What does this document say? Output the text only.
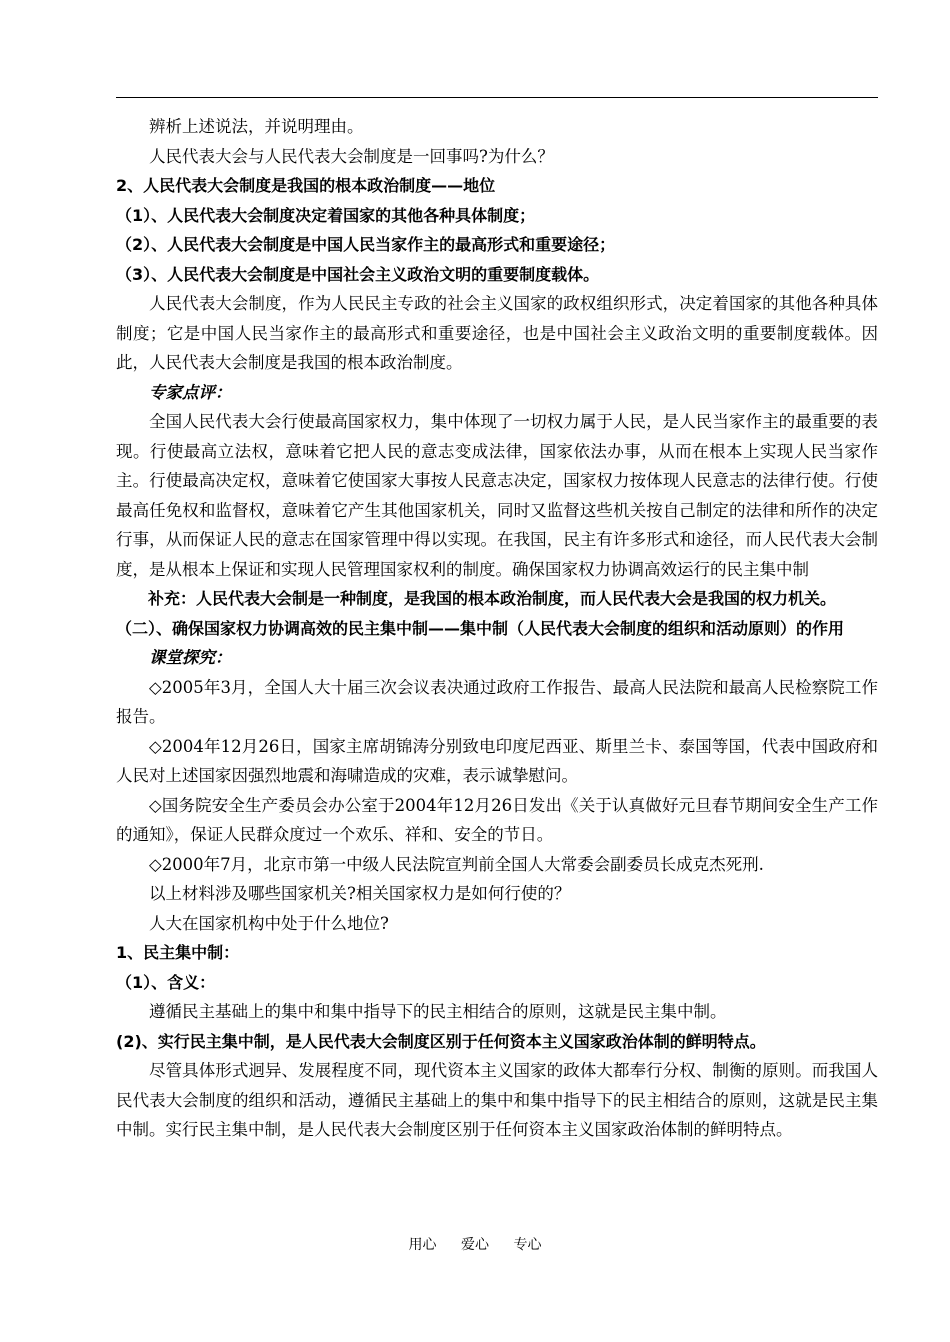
辨析上述说法，并说明理由。

人民代表大会与人民代表大会制度是一回事吗?为什么？

2、人民代表大会制度是我国的根本政治制度——地位

（1）、人民代表大会制度决定着国家的其他各种具体制度；

（2）、人民代表大会制度是中国人民当家作主的最高形式和重要途径；

（3）、人民代表大会制度是中国社会主义政治文明的重要制度载体。

人民代表大会制度，作为人民民主专政的社会主义国家的政权组织形式，决定着国家的其他各种具体制度；它是中国人民当家作主的最高形式和重要途径，也是中国社会主义政治文明的重要制度载体。因此，人民代表大会制度是我国的根本政治制度。

专家点评：

全国人民代表大会行使最高国家权力，集中体现了一切权力属于人民，是人民当家作主的最重要的表现。行使最高立法权，意味着它把人民的意志变成法律，国家依法办事，从而在根本上实现人民当家作主。行使最高决定权，意味着它使国家大事按人民意志决定，国家权力按体现人民意志的法律行使。行使最高任免权和监督权，意味着它产生其他国家机关，同时又监督这些机关按自己制定的法律和所作的决定行事，从而保证人民的意志在国家管理中得以实现。在我国，民主有许多形式和途径，而人民代表大会制度，是从根本上保证和实现人民管理国家权利的制度。确保国家权力协调高效运行的民主集中制

补充：人民代表大会制是一种制度，是我国的根本政治制度，而人民代表大会是我国的权力机关。

（二）、确保国家权力协调高效的民主集中制——集中制（人民代表大会制度的组织和活动原则）的作用

课堂探究：

◇2005年3月，全国人大十届三次会议表决通过政府工作报告、最高人民法院和最高人民检察院工作报告。

◇2004年12月26日，国家主席胡锦涛分别致电印度尼西亚、斯里兰卡、泰国等国，代表中国政府和人民对上述国家因强烈地震和海啸造成的灾难，表示诚挚慰问。

◇国务院安全生产委员会办公室于2004年12月26日发出《关于认真做好元旦春节期间安全生产工作的通知》，保证人民群众度过一个欢乐、祥和、安全的节日。

◇2000年7月，北京市第一中级人民法院宣判前全国人大常委会副委员长成克杰死刑.

以上材料涉及哪些国家机关?相关国家权力是如何行使的？

人大在国家机构中处于什么地位?

1、民主集中制：

（1）、含义：

遵循民主基础上的集中和集中指导下的民主相结合的原则，这就是民主集中制。

(2)、实行民主集中制，是人民代表大会制度区别于任何资本主义国家政治体制的鲜明特点。

尽管具体形式迥异、发展程度不同，现代资本主义国家的政体大都奉行分权、制衡的原则。而我国人民代表大会制度的组织和活动，遵循民主基础上的集中和集中指导下的民主相结合的原则，这就是民主集中制。实行民主集中制，是人民代表大会制度区别于任何资本主义国家政治体制的鲜明特点。

用心 爱心 专心
